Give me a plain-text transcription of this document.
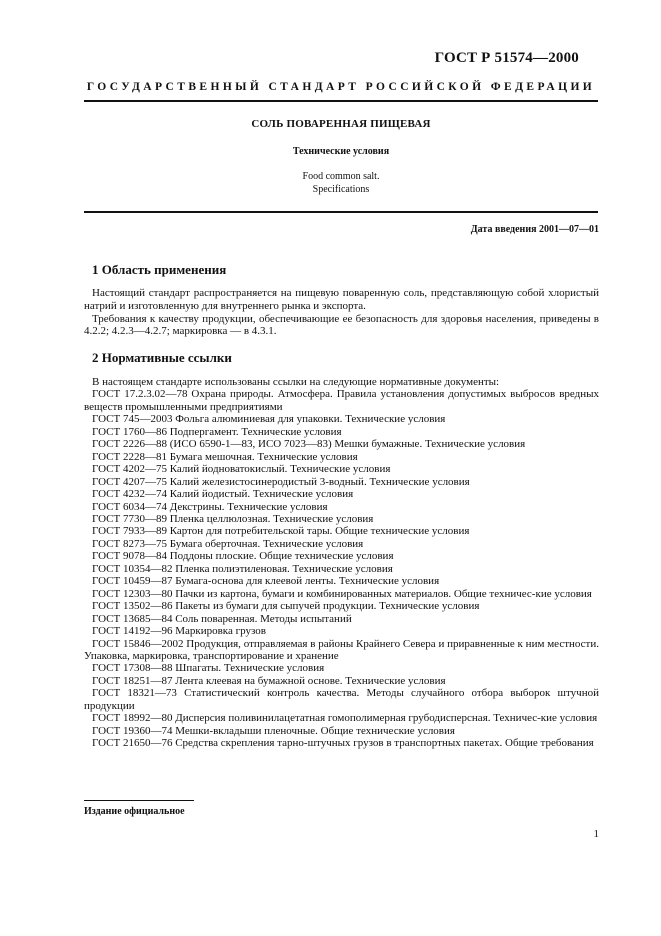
ГОСТ Р 51574—2000
ГОСУДАРСТВЕННЫЙ СТАНДАРТ РОССИЙСКОЙ ФЕДЕРАЦИИ
СОЛЬ ПОВАРЕННАЯ ПИЩЕВАЯ
Технические условия
Food common salt.
Specifications
Дата введения 2001—07—01
1 Область применения

Настоящий стандарт распространяется на пищевую поваренную соль, представляющую собой хлористый натрий и изготовленную для внутреннего рынка и экспорта.

Требования к качеству продукции, обеспечивающие ее безопасность для здоровья населения, приведены в 4.2.2; 4.2.3—4.2.7; маркировка — в 4.3.1.

2 Нормативные ссылки

В настоящем стандарте использованы ссылки на следующие нормативные документы:

ГОСТ 17.2.3.02—78 Охрана природы. Атмосфера. Правила установления допустимых выбросов вредных веществ промышленными предприятиями

ГОСТ 745—2003 Фольга алюминиевая для упаковки. Технические условия

ГОСТ 1760—86 Подпергамент. Технические условия

ГОСТ 2226—88 (ИСО 6590-1—83, ИСО 7023—83) Мешки бумажные. Технические условия

ГОСТ 2228—81 Бумага мешочная. Технические условия

ГОСТ 4202—75 Калий йодноватокислый. Технические условия

ГОСТ 4207—75 Калий железистосинеродистый 3-водный. Технические условия

ГОСТ 4232—74 Калий йодистый. Технические условия

ГОСТ 6034—74 Декстрины. Технические условия

ГОСТ 7730—89 Пленка целлюлозная. Технические условия

ГОСТ 7933—89 Картон для потребительской тары. Общие технические условия

ГОСТ 8273—75 Бумага оберточная. Технические условия

ГОСТ 9078—84 Поддоны плоские. Общие технические условия

ГОСТ 10354—82 Пленка полиэтиленовая. Технические условия

ГОСТ 10459—87 Бумага-основа для клеевой ленты. Технические условия

ГОСТ 12303—80 Пачки из картона, бумаги и комбинированных материалов. Общие техничес-кие условия

ГОСТ 13502—86 Пакеты из бумаги для сыпучей продукции. Технические условия

ГОСТ 13685—84 Соль поваренная. Методы испытаний

ГОСТ 14192—96 Маркировка грузов

ГОСТ 15846—2002 Продукция, отправляемая в районы Крайнего Севера и приравненные к ним местности. Упаковка, маркировка, транспортирование и хранение

ГОСТ 17308—88 Шпагаты. Технические условия

ГОСТ 18251—87 Лента клеевая на бумажной основе. Технические условия

ГОСТ 18321—73 Статистический контроль качества. Методы случайного отбора выборок штучной продукции

ГОСТ 18992—80 Дисперсия поливинилацетатная гомополимерная грубодисперсная. Техничес-кие условия

ГОСТ 19360—74 Мешки-вкладыши пленочные. Общие технические условия

ГОСТ 21650—76 Средства скрепления тарно-штучных грузов в транспортных пакетах. Общие требования

Издание официальное
1
